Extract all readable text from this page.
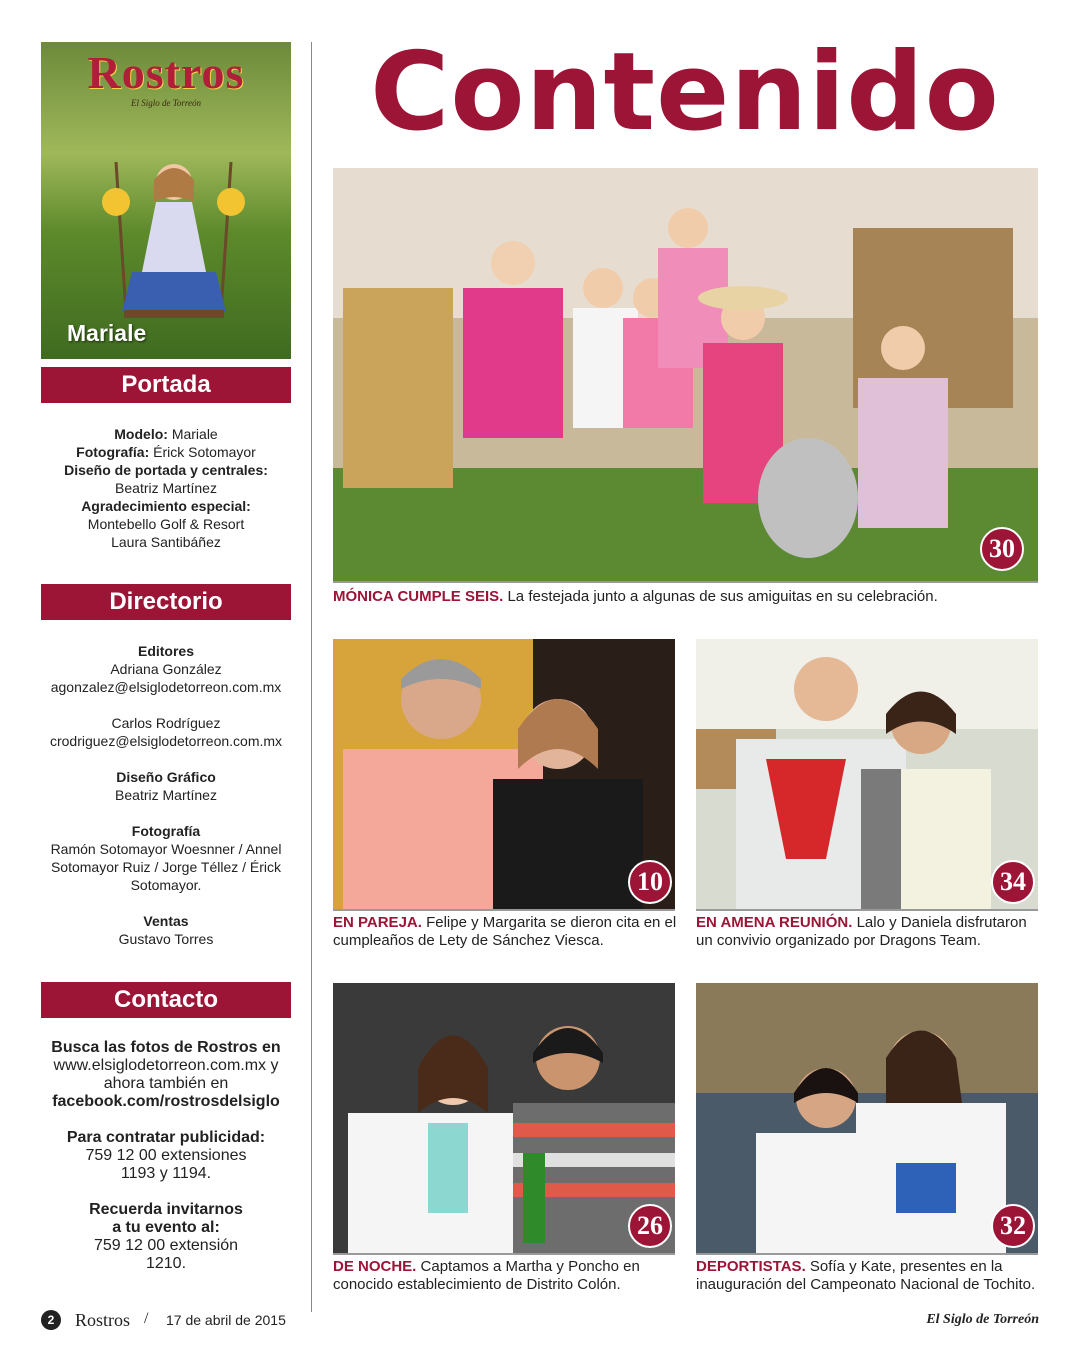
Rostros
El Siglo de Torreón
Mariale
Portada
Modelo: Mariale
Fotografía: Érick Sotomayor
Diseño de portada y centrales:
Beatriz Martínez
Agradecimiento especial:
Montebello Golf & Resort
Laura Santibáñez
Directorio
Editores
Adriana González
agonzalez@elsiglodetorreon.com.mx
Carlos Rodríguez
crodriguez@elsiglodetorreon.com.mx
Diseño Gráfico
Beatriz Martínez
Fotografía
Ramón Sotomayor Woesnner / Annel
Sotomayor Ruiz / Jorge Téllez / Érick
Sotomayor.
Ventas
Gustavo Torres
Contacto
Busca las fotos de Rostros en
www.elsiglodetorreon.com.mx y
ahora también en
facebook.com/rostrosdelsiglo
Para contratar publicidad:
759 12 00 extensiones
1193 y 1194.
Recuerda invitarnos
a tu evento al:
759 12 00 extensión
1210.
Contenido
30
MÓNICA CUMPLE SEIS. La festejada junto a algunas de sus amiguitas en su celebración.
10
EN PAREJA. Felipe y Margarita se dieron cita en el cumpleaños de Lety de Sánchez Viesca.
34
EN AMENA REUNIÓN. Lalo y Daniela disfrutaron un convivio organizado por Dragons Team.
26
DE NOCHE. Captamos a Martha y Poncho en conocido establecimiento de Distrito Colón.
32
DEPORTISTAS. Sofía y Kate, presentes en la inauguración del Campeonato Nacional de Tochito.
2	Rostros / 17 de abril de 2015	El Siglo de Torreón
